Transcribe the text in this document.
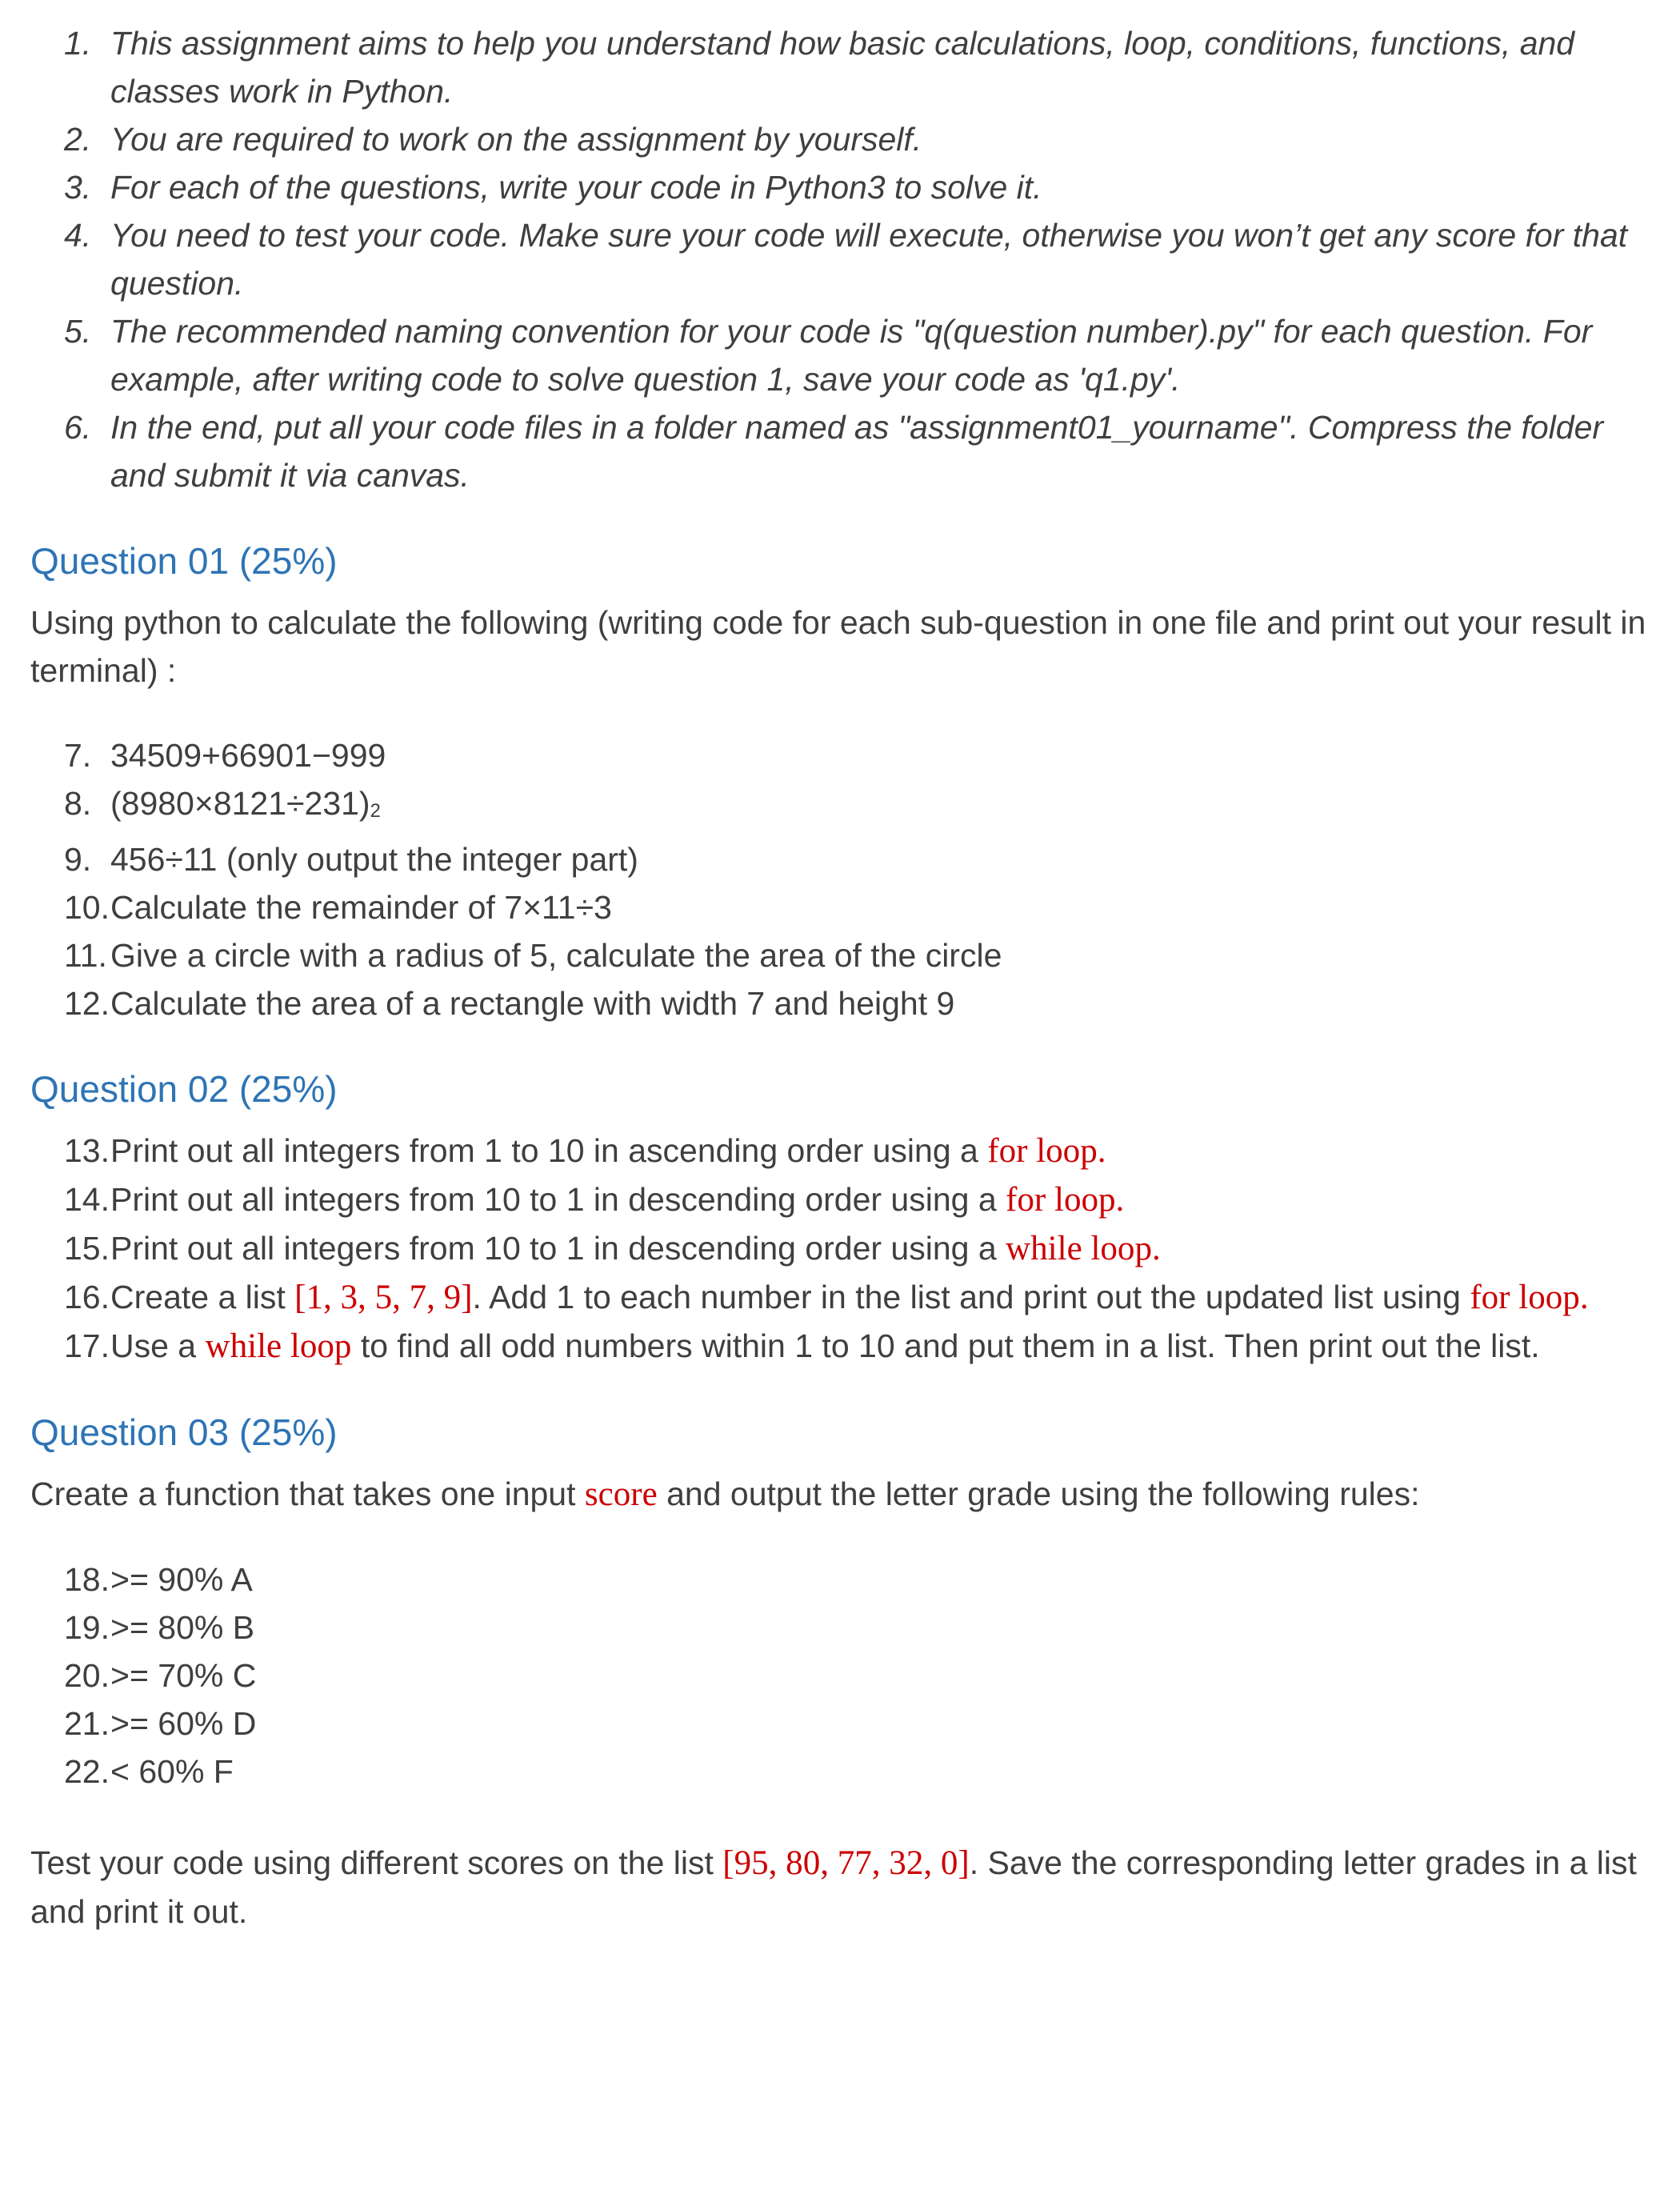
1. This assignment aims to help you understand how basic calculations, loop, conditions, functions, and classes work in Python.
2. You are required to work on the assignment by yourself.
3. For each of the questions, write your code in Python3 to solve it.
4. You need to test your code. Make sure your code will execute, otherwise you won’t get any score for that question.
5. The recommended naming convention for your code is "q(question number).py" for each question. For example, after writing code to solve question 1, save your code as 'q1.py'.
6. In the end, put all your code files in a folder named as "assignment01_yourname". Compress the folder and submit it via canvas.
Question 01 (25%)

Using python to calculate the following (writing code for each sub-question in one file and print out your result in terminal) :

7. 34509+66901−999
8. (8980×8121÷231)2
9. 456÷11 (only output the integer part)
10. Calculate the remainder of 7×11÷3
11. Give a circle with a radius of 5, calculate the area of the circle
12. Calculate the area of a rectangle with width 7 and height 9
Question 02 (25%)
13. Print out all integers from 1 to 10 in ascending order using a for loop.
14. Print out all integers from 10 to 1 in descending order using a for loop.
15. Print out all integers from 10 to 1 in descending order using a while loop.
16. Create a list [1, 3, 5, 7, 9]. Add 1 to each number in the list and print out the updated list using for loop.
17. Use a while loop to find all odd numbers within 1 to 10 and put them in a list. Then print out the list.
Question 03 (25%)

Create a function that takes one input score and output the letter grade using the following rules:

18. >= 90% A
19. >= 80% B
20. >= 70% C
21. >= 60% D
22. < 60% F

Test your code using different scores on the list [95, 80, 77, 32, 0]. Save the corresponding letter grades in a list and print it out.
